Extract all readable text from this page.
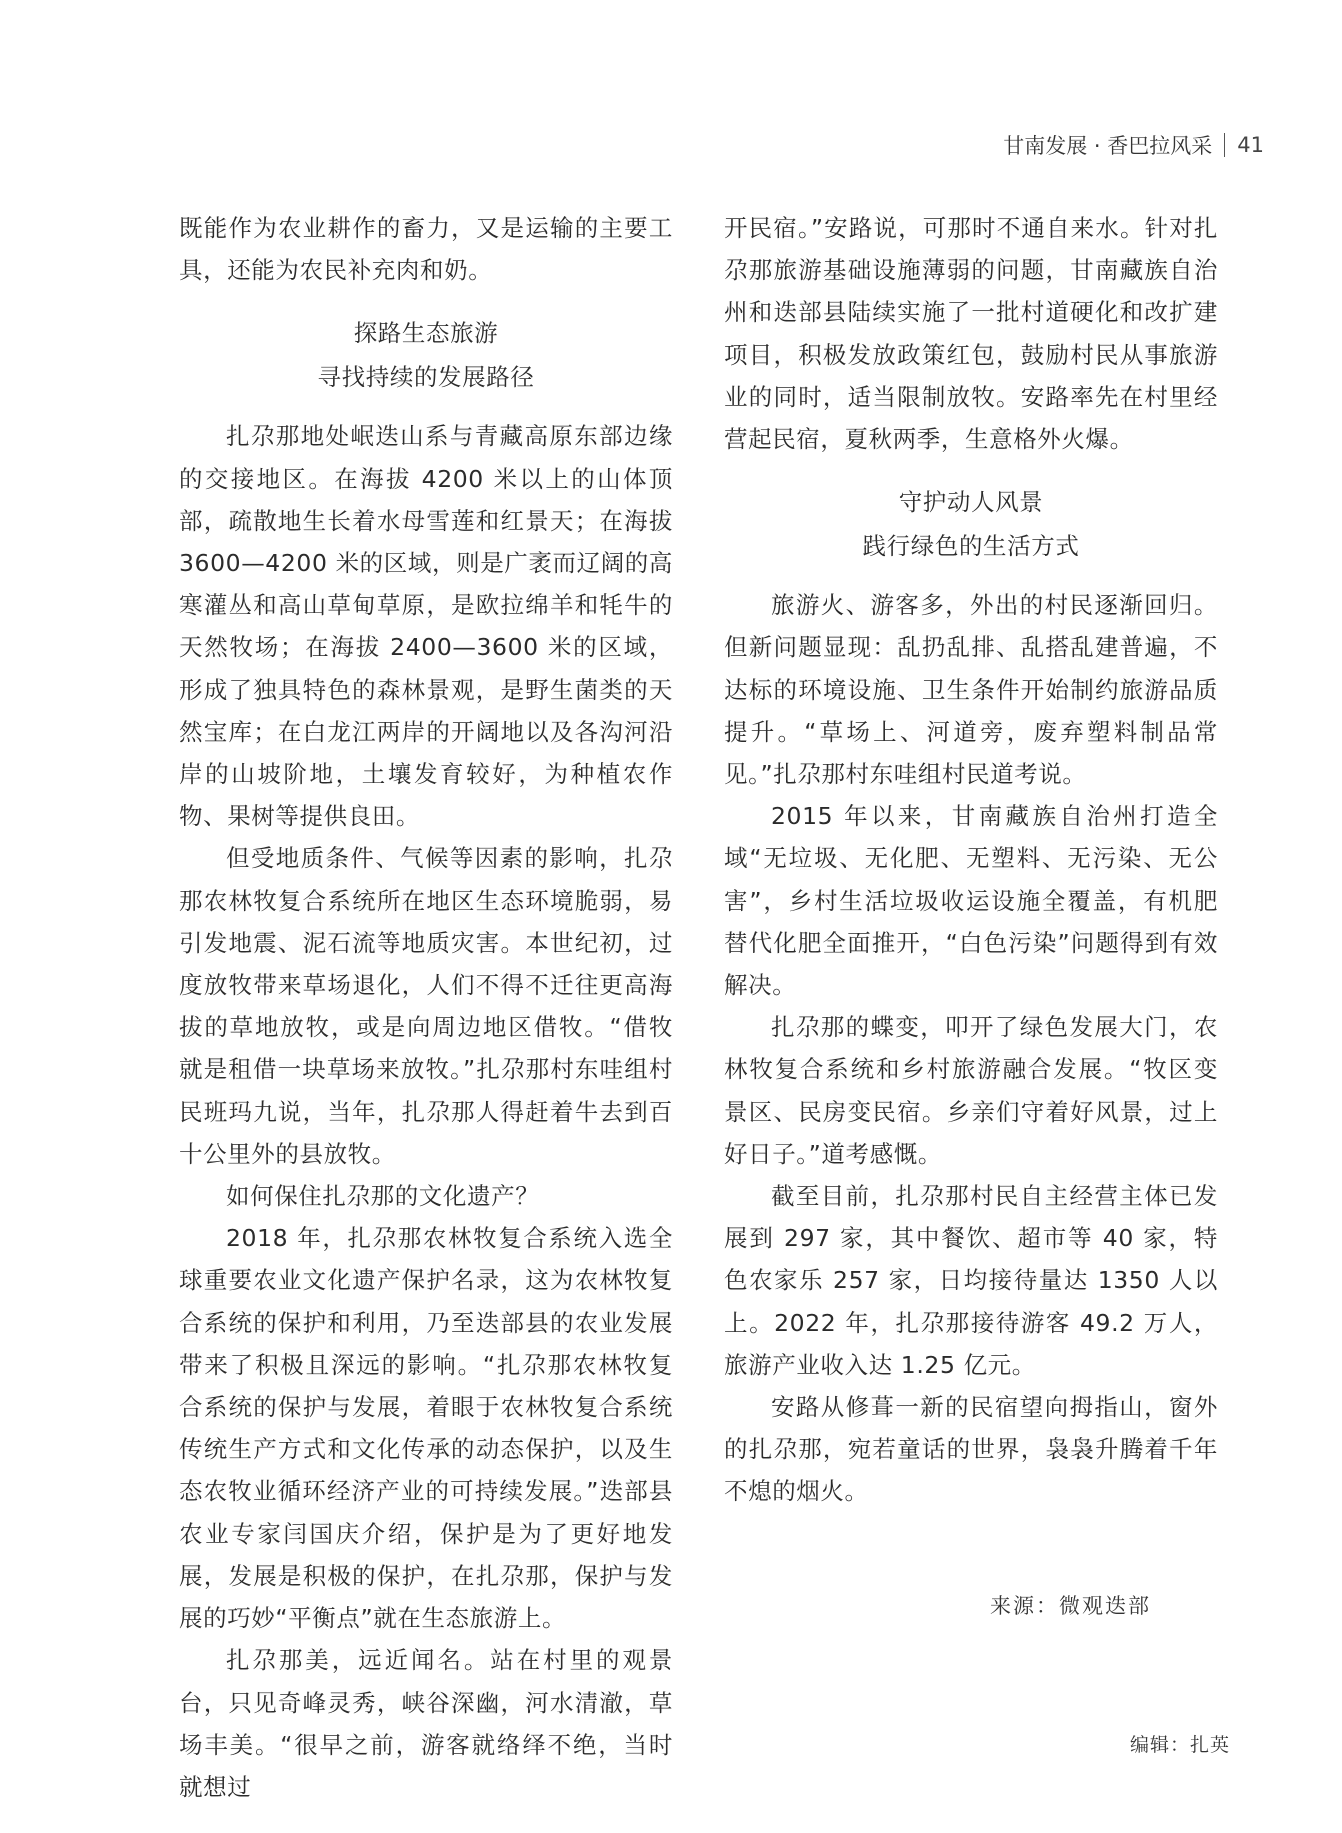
甘南发展 · 香巴拉风采 41

既能作为农业耕作的畜力，又是运输的主要工具，还能为农民补充肉和奶。

探路生态旅游
寻找持续的发展路径

扎尕那地处岷迭山系与青藏高原东部边缘的交接地区。在海拔 4200 米以上的山体顶部，疏散地生长着水母雪莲和红景天；在海拔 3600—4200 米的区域，则是广袤而辽阔的高寒灌丛和高山草甸草原，是欧拉绵羊和牦牛的天然牧场；在海拔 2400—3600 米的区域，形成了独具特色的森林景观，是野生菌类的天然宝库；在白龙江两岸的开阔地以及各沟河沿岸的山坡阶地，土壤发育较好，为种植农作物、果树等提供良田。

但受地质条件、气候等因素的影响，扎尕那农林牧复合系统所在地区生态环境脆弱，易引发地震、泥石流等地质灾害。本世纪初，过度放牧带来草场退化，人们不得不迁往更高海拔的草地放牧，或是向周边地区借牧。“借牧就是租借一块草场来放牧。”扎尕那村东哇组村民班玛九说，当年，扎尕那人得赶着牛去到百十公里外的县放牧。

如何保住扎尕那的文化遗产？

2018 年，扎尕那农林牧复合系统入选全球重要农业文化遗产保护名录，这为农林牧复合系统的保护和利用，乃至迭部县的农业发展带来了积极且深远的影响。“扎尕那农林牧复合系统的保护与发展，着眼于农林牧复合系统传统生产方式和文化传承的动态保护，以及生态农牧业循环经济产业的可持续发展。”迭部县农业专家闫国庆介绍，保护是为了更好地发展，发展是积极的保护，在扎尕那，保护与发展的巧妙“平衡点”就在生态旅游上。

扎尕那美，远近闻名。站在村里的观景台，只见奇峰灵秀，峡谷深幽，河水清澈，草场丰美。“很早之前，游客就络绎不绝，当时就想过

开民宿。”安路说，可那时不通自来水。针对扎尕那旅游基础设施薄弱的问题，甘南藏族自治州和迭部县陆续实施了一批村道硬化和改扩建项目，积极发放政策红包，鼓励村民从事旅游业的同时，适当限制放牧。安路率先在村里经营起民宿，夏秋两季，生意格外火爆。

守护动人风景
践行绿色的生活方式

旅游火、游客多，外出的村民逐渐回归。但新问题显现：乱扔乱排、乱搭乱建普遍，不达标的环境设施、卫生条件开始制约旅游品质提升。“草场上、河道旁，废弃塑料制品常见。”扎尕那村东哇组村民道考说。

2015 年以来，甘南藏族自治州打造全域“无垃圾、无化肥、无塑料、无污染、无公害”，乡村生活垃圾收运设施全覆盖，有机肥替代化肥全面推开，“白色污染”问题得到有效解决。

扎尕那的蝶变，叩开了绿色发展大门，农林牧复合系统和乡村旅游融合发展。“牧区变景区、民房变民宿。乡亲们守着好风景，过上好日子。”道考感慨。

截至目前，扎尕那村民自主经营主体已发展到 297 家，其中餐饮、超市等 40 家，特色农家乐 257 家，日均接待量达 1350 人以上。2022 年，扎尕那接待游客 49.2 万人，旅游产业收入达 1.25 亿元。

安路从修葺一新的民宿望向拇指山，窗外的扎尕那，宛若童话的世界，袅袅升腾着千年不熄的烟火。

来源：微观迭部
编辑：扎英
